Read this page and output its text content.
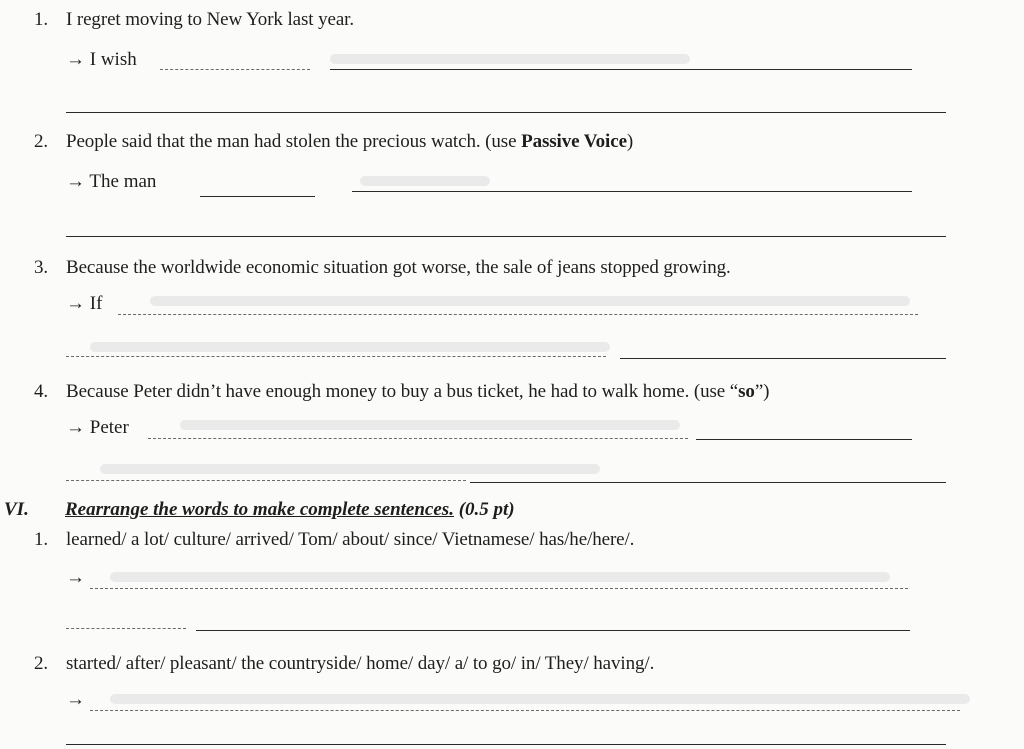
1. I regret moving to New York last year.
→ I wish
2. People said that the man had stolen the precious watch. (use Passive Voice)
→ The man
3. Because the worldwide economic situation got worse, the sale of jeans stopped growing.
→ If
4. Because Peter didn’t have enough money to buy a bus ticket, he had to walk home. (use “so”)
→ Peter
VI. Rearrange the words to make complete sentences. (0.5 pt)
1. learned/ a lot/ culture/ arrived/ Tom/ about/ since/ Vietnamese/ has/he/here/.
→
2. started/ after/ pleasant/ the countryside/ home/ day/ a/ to go/ in/ They/ having/.
→
